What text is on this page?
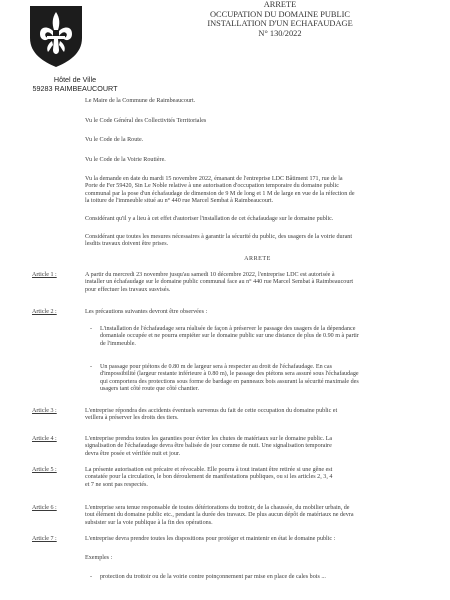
ARRETE
OCCUPATION DU DOMAINE PUBLIC
INSTALLATION D'UN ECHAFAUDAGE
N° 130/2022
Hôtel de Ville
59283 RAIMBEAUCOURT
Le Maire de la Commune de Raimbeaucourt.
Vu le Code Général des Collectivités Territoriales
Vu le Code de la Route.
Vu le Code de la Voirie Routière.
Vu la demande en date du mardi 15 novembre 2022, émanant de l'entreprise LDC Bâtiment 171, rue de la
Porte de Fer 59420, Sin Le Noble relative à une autorisation d'occupation temporaire du domaine public
communal par la pose d'un échafaudage de dimension de 9 M de long et 1 M de large en vue de la réfection de
la toiture de l'immeuble situé au n° 440 rue Marcel Sembat à Raimbeaucourt.
Considérant qu'il y a lieu à cet effet d'autoriser l'installation de cet échafaudage sur le domaine public.
Considérant que toutes les mesures nécessaires à garantir la sécurité du public, des usagers de la voirie durant
lesdits travaux doivent être prises.
ARRETE
Article 1 :	A partir du mercredi 23 novembre jusqu'au samedi 10 décembre 2022, l'entreprise LDC est autorisée à
installer un échafaudage sur le domaine public communal face au n° 440 rue Marcel Sembat à Raimbeaucourt
pour effectuer les travaux susvisés.
Article 2 :	Les précautions suivantes devront être observées :
- L'installation de l'échafaudage sera réalisée de façon à préserver le passage des usagers de la dépendance
domaniale occupée et ne pourra empiéter sur le domaine public sur une distance de plus de 0.90 m à partir
de l'immeuble.
- Un passage pour piétons de 0.80 m de largeur sera à respecter au droit de l'échafaudage. En cas
d'impossibilité (largeur restante inférieure à 0.80 m), le passage des piétons sera assuré sous l'échafaudage
qui comportera des protections sous forme de bardage en panneaux bois assurant la sécurité maximale des
usagers tant côté route que côté chantier.
Article 3 :	L'entreprise répondra des accidents éventuels survenus du fait de cette occupation du domaine public et
veillera à préserver les droits des tiers.
Article 4 :	L'entreprise prendra toutes les garanties pour éviter les chutes de matériaux sur le domaine public. La
signalisation de l'échafaudage devra être balisée de jour comme de nuit. Une signalisation temporaire
devra être posée et vérifiée nuit et jour.
Article 5 :	La présente autorisation est précaire et révocable. Elle pourra à tout instant être retirée si une gêne est
constatée pour la circulation, le bon déroulement de manifestations publiques, ou si les articles 2, 3, 4
et 7 ne sont pas respectés.
Article 6 :	L'entreprise sera tenue responsable de toutes détériorations du trottoir, de la chaussée, du mobilier urbain, de
tout élément du domaine public etc., pendant la durée des travaux. De plus aucun dépôt de matériaux ne devra
subsister sur la voie publique à la fin des opérations.
Article 7 :	L'entreprise devra prendre toutes les dispositions pour protéger et maintenir en état le domaine public :
Exemples :
- protection du trottoir ou de la voirie contre poinçonnement par mise en place de cales bois ...
